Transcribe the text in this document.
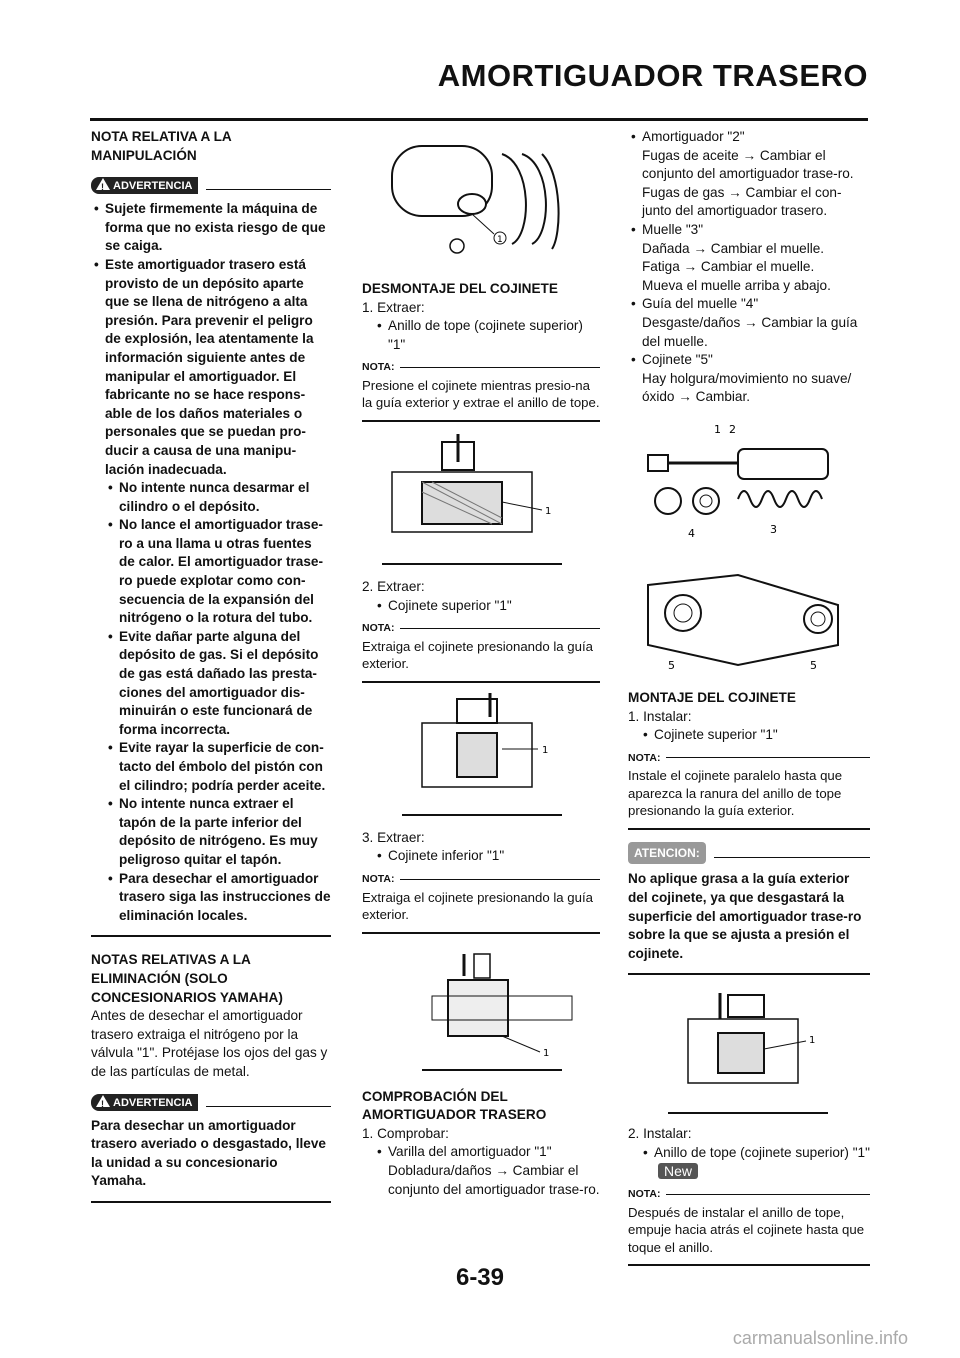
AMORTIGUADOR TRASERO

NOTA RELATIVA A LA MANIPULACIÓN

!
ADVERTENCIA
• Sujete firmemente la máquina de forma que no exista riesgo de que se caiga.
• Este amortiguador trasero está provisto de un depósito aparte que se llena de nitrógeno a alta presión. Para prevenir el peligro de explosión, lea atentamente la información siguiente antes de manipular el amortiguador. El fabricante no se hace respons-able de los daños materiales o personales que se puedan pro-ducir a causa de una manipu-lación inadecuada.
• No intente nunca desarmar el cilindro o el depósito.
• No lance el amortiguador trase-ro a una llama u otras fuentes de calor. El amortiguador trase-ro puede explotar como con-secuencia de la expansión del nitrógeno o la rotura del tubo.
• Evite dañar parte alguna del depósito de gas. Si el depósito de gas está dañado las presta-ciones del amortiguador dis-minuirán o este funcionará de forma incorrecta.
• Evite rayar la superficie de con-tacto del émbolo del pistón con el cilindro; podría perder aceite.
• No intente nunca extraer el tapón de la parte inferior del depósito de nitrógeno. Es muy peligroso quitar el tapón.
• Para desechar el amortiguador trasero siga las instrucciones de eliminación locales.

NOTAS RELATIVAS A LA ELIMINACIÓN (SOLO CONCESIONARIOS YAMAHA)

Antes de desechar el amortiguador trasero extraiga el nitrógeno por la válvula "1". Protéjase los ojos del gas y de las partículas de metal.

!
ADVERTENCIA

Para desechar un amortiguador trasero averiado o desgastado, lleve la unidad a su concesionario Yamaha.

1

DESMONTAJE DEL COJINETE

1. Extraer:

• Anillo de tope (cojinete superior) "1"
NOTA:
Presione el cojinete mientras presio-na la guía exterior y extrae el anillo de tope.
1

2. Extraer:

• Cojinete superior "1"
NOTA:
Extraiga el cojinete presionando la guía exterior.
1

3. Extraer:

• Cojinete inferior "1"
NOTA:
Extraiga el cojinete presionando la guía exterior.
1

COMPROBACIÓN DEL AMORTIGUADOR TRASERO

1. Comprobar:

• Varilla del amortiguador "1"
Dobladura/daños → Cambiar el conjunto del amortiguador trase-ro.
• Amortiguador "2"
Fugas de aceite → Cambiar el conjunto del amortiguador trase-ro.
Fugas de gas → Cambiar el con-junto del amortiguador trasero.
• Muelle "3"
Dañada → Cambiar el muelle.
Fatiga → Cambiar el muelle.
Mueva el muelle arriba y abajo.
• Guía del muelle "4"
Desgaste/daños → Cambiar la guía del muelle.
• Cojinete "5"
Hay holgura/movimiento no suave/óxido → Cambiar.
1 2
4	3
5	5

MONTAJE DEL COJINETE

1. Instalar:

• Cojinete superior "1"
NOTA:
Instale el cojinete paralelo hasta que aparezca la ranura del anillo de tope presionando la guía exterior.
ATENCION:
No aplique grasa a la guía exterior del cojinete, ya que desgastará la superficie del amortiguador trase-ro sobre la que se ajusta a presión el cojinete.
1

2. Instalar:

• Anillo de tope (cojinete superior) "1" New
NOTA:
Después de instalar el anillo de tope, empuje hacia atrás el cojinete hasta que toque el anillo.
6-39
carmanualsonline.info
